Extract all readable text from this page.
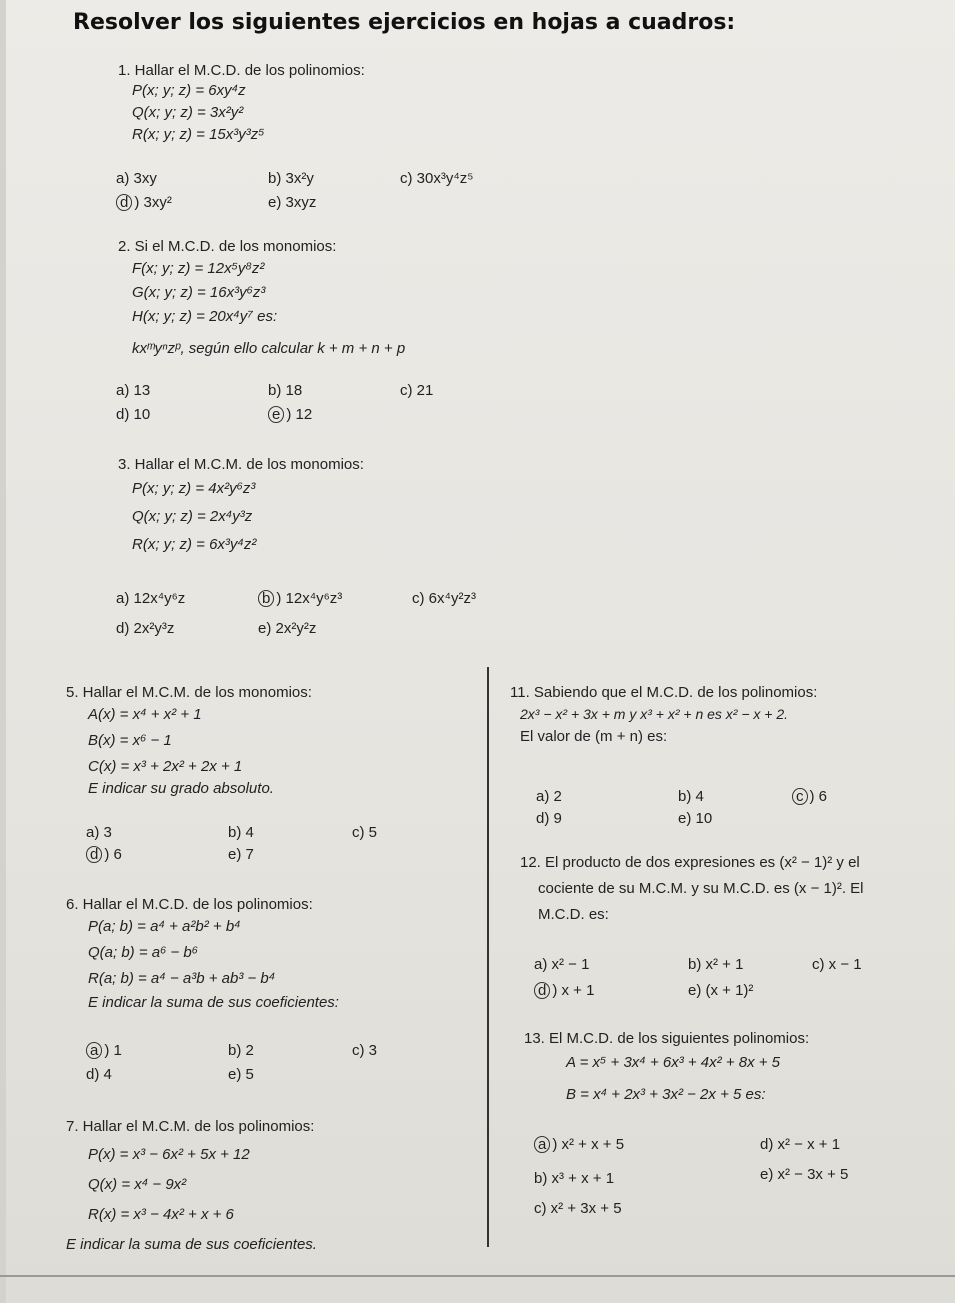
Resolver los siguientes ejercicios en hojas a cuadros:
1. Hallar el M.C.D. de los polinomios:
P(x; y; z) = 6xy⁴z
Q(x; y; z) = 3x²y²
R(x; y; z) = 15x³y³z⁵
a) 3xy	b) 3x²y	c) 30x³y⁴z⁵
d ) 3xy²	e) 3xyz
2. Si el M.C.D. de los monomios:
F(x; y; z) = 12x⁵y⁸z²
G(x; y; z) = 16x³y⁶z³
H(x; y; z) = 20x⁴y⁷ es:
kxᵐyⁿzᵖ, según ello calcular k + m + n + p
a) 13	b) 18	c) 21
d) 10	e ) 12
3. Hallar el M.C.M. de los monomios:
P(x; y; z) = 4x²y⁶z³
Q(x; y; z) = 2x⁴y³z
R(x; y; z) = 6x³y⁴z²
a) 12x⁴y⁶z	b ) 12x⁴y⁶z³	c) 6x⁴y²z³
d) 2x²y³z	e) 2x²y²z
5. Hallar el M.C.M. de los monomios:
A(x) = x⁴ + x² + 1
B(x) = x⁶ − 1
C(x) = x³ + 2x² + 2x + 1
E indicar su grado absoluto.
a) 3	b) 4	c) 5
d ) 6	e) 7
6. Hallar el M.C.D. de los polinomios:
P(a; b) = a⁴ + a²b² + b⁴
Q(a; b) = a⁶ − b⁶
R(a; b) = a⁴ − a³b + ab³ − b⁴
E indicar la suma de sus coeficientes:
a ) 1	b) 2	c) 3
d) 4	e) 5
7. Hallar el M.C.M. de los polinomios:
P(x) = x³ − 6x² + 5x + 12
Q(x) = x⁴ − 9x²
R(x) = x³ − 4x² + x + 6
E indicar la suma de sus coeficientes.
11. Sabiendo que el M.C.D. de los polinomios:
2x³ − x² + 3x + m y x³ + x² + n es x² − x + 2.
El valor de (m + n) es:
a) 2	b) 4	c ) 6
d) 9	e) 10
12. El producto de dos expresiones es (x² − 1)² y el
cociente de su M.C.M. y su M.C.D. es (x − 1)². El
M.C.D. es:
a) x² − 1	b) x² + 1	c) x − 1
d ) x + 1	e) (x + 1)²
13. El M.C.D. de los siguientes polinomios:
A = x⁵ + 3x⁴ + 6x³ + 4x² + 8x + 5
B = x⁴ + 2x³ + 3x² − 2x + 5 es:
a ) x² + x + 5
b) x³ + x + 1
c) x² + 3x + 5
d) x² − x + 1
e) x² − 3x + 5
